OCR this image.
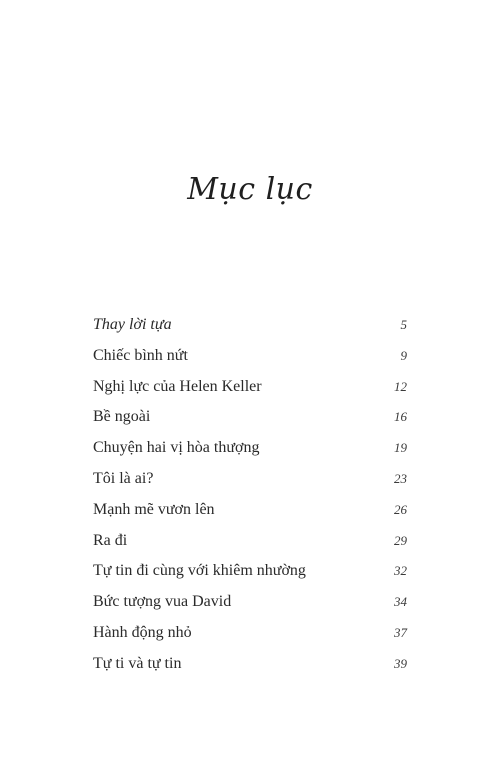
Mục lục
Thay lời tựa	5
Chiếc bình nứt	9
Nghị lực của Helen Keller	12
Bề ngoài	16
Chuyện hai vị hòa thượng	19
Tôi là ai?	23
Mạnh mẽ vươn lên	26
Ra đi	29
Tự tin đi cùng với khiêm nhường	32
Bức tượng vua David	34
Hành động nhỏ	37
Tự ti và tự tin	39
